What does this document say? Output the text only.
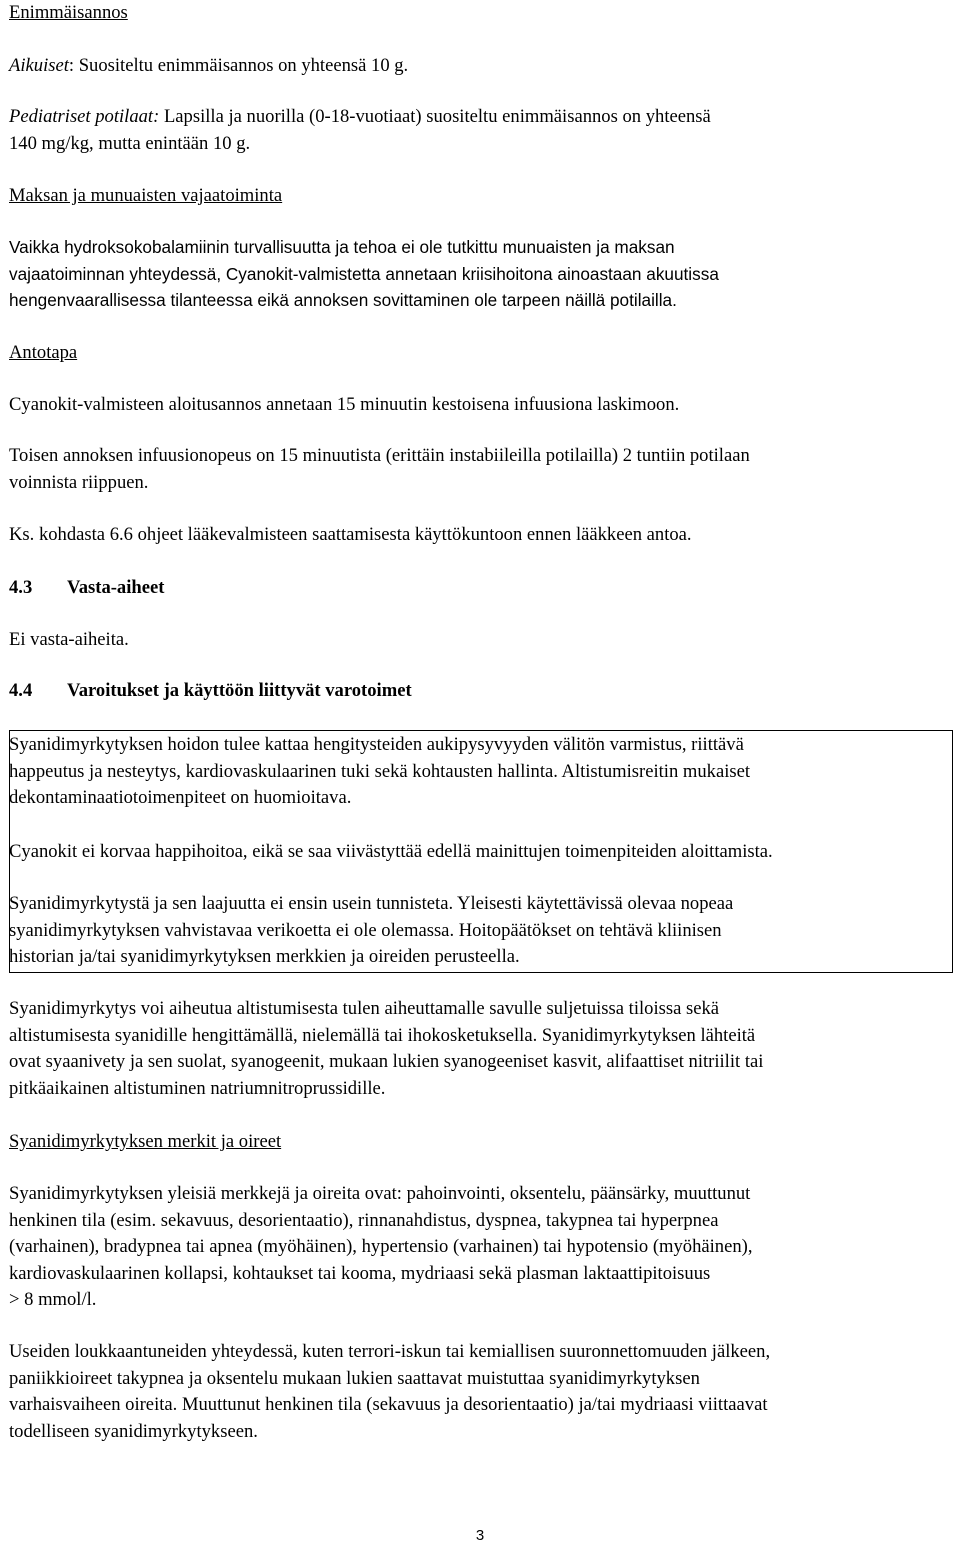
Enimmäisannos

Aikuiset: Suositeltu enimmäisannos on yhteensä 10 g.

Pediatriset potilaat: Lapsilla ja nuorilla (0-18-vuotiaat) suositeltu enimmäisannos on yhteensä

140 mg/kg, mutta enintään 10 g.

Maksan ja munuaisten vajaatoiminta

Vaikka hydroksokobalamiinin turvallisuutta ja tehoa ei ole tutkittu munuaisten ja maksan

vajaatoiminnan yhteydessä, Cyanokit-valmistetta annetaan kriisihoitona ainoastaan akuutissa

hengenvaarallisessa tilanteessa eikä annoksen sovittaminen ole tarpeen näillä potilailla.

Antotapa

Cyanokit-valmisteen aloitusannos annetaan 15 minuutin kestoisena infuusiona laskimoon.

Toisen annoksen infuusionopeus on 15 minuutista (erittäin instabiileilla potilailla) 2 tuntiin potilaan

voinnista riippuen.

Ks. kohdasta 6.6 ohjeet lääkevalmisteen saattamisesta käyttökuntoon ennen lääkkeen antoa.

4.3 Vasta-aiheet

Ei vasta-aiheita.

4.4 Varoitukset ja käyttöön liittyvät varotoimet

Syanidimyrkytyksen hoidon tulee kattaa hengitysteiden aukipysyvyyden välitön varmistus, riittävä

happeutus ja nesteytys, kardiovaskulaarinen tuki sekä kohtausten hallinta. Altistumisreitin mukaiset

dekontaminaatiotoimenpiteet on huomioitava.

Cyanokit ei korvaa happihoitoa, eikä se saa viivästyttää edellä mainittujen toimenpiteiden aloittamista.

Syanidimyrkytystä ja sen laajuutta ei ensin usein tunnisteta. Yleisesti käytettävissä olevaa nopeaa

syanidimyrkytyksen vahvistavaa verikoetta ei ole olemassa. Hoitopäätökset on tehtävä kliinisen

historian ja/tai syanidimyrkytyksen merkkien ja oireiden perusteella.

Syanidimyrkytys voi aiheutua altistumisesta tulen aiheuttamalle savulle suljetuissa tiloissa sekä

altistumisesta syanidille hengittämällä, nielemällä tai ihokosketuksella. Syanidimyrkytyksen lähteitä

ovat syaanivety ja sen suolat, syanogeenit, mukaan lukien syanogeeniset kasvit, alifaattiset nitriilit tai

pitkäaikainen altistuminen natriumnitroprussidille.

Syanidimyrkytyksen merkit ja oireet

Syanidimyrkytyksen yleisiä merkkejä ja oireita ovat: pahoinvointi, oksentelu, päänsärky, muuttunut

henkinen tila (esim. sekavuus, desorientaatio), rinnanahdistus, dyspnea, takypnea tai hyperpnea

(varhainen), bradypnea tai apnea (myöhäinen), hypertensio (varhainen) tai hypotensio (myöhäinen),

kardiovaskulaarinen kollapsi, kohtaukset tai kooma, mydriaasi sekä plasman laktaattipitoisuus

> 8 mmol/l.

Useiden loukkaantuneiden yhteydessä, kuten terrori-iskun tai kemiallisen suuronnettomuuden jälkeen,

paniikkioireet takypnea ja oksentelu mukaan lukien saattavat muistuttaa syanidimyrkytyksen

varhaisvaiheen oireita. Muuttunut henkinen tila (sekavuus ja desorientaatio) ja/tai mydriaasi viittaavat

todelliseen syanidimyrkytykseen.

3
